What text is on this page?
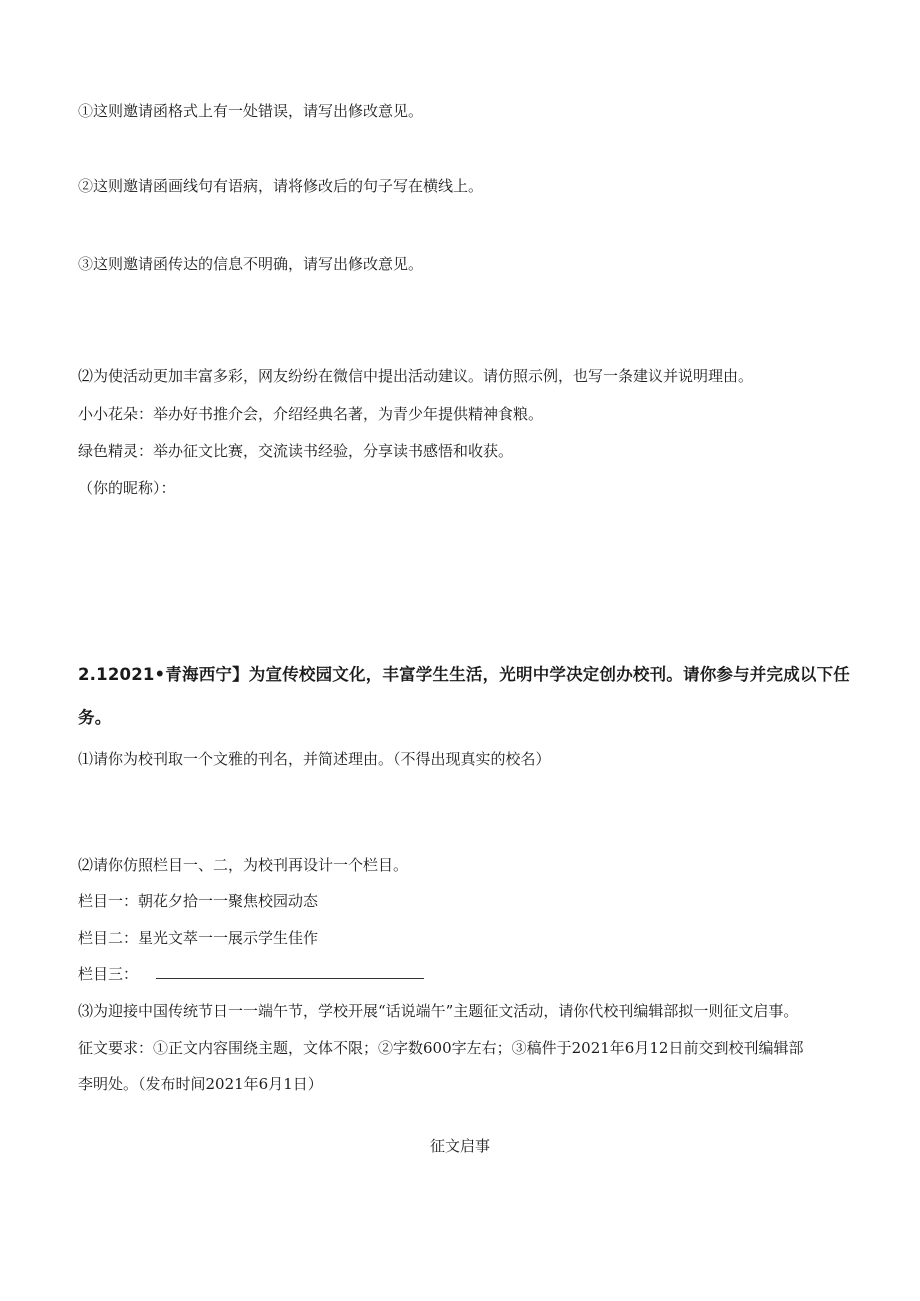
①这则邀请函格式上有一处错误，请写出修改意见。
②这则邀请函画线句有语病，请将修改后的句子写在横线上。
③这则邀请函传达的信息不明确，请写出修改意见。
⑵为使活动更加丰富多彩，网友纷纷在微信中提出活动建议。请仿照示例，也写一条建议并说明理由。
小小花朵：举办好书推介会，介绍经典名著，为青少年提供精神食粮。
绿色精灵：举办征文比赛，交流读书经验，分享读书感悟和收获。
（你的昵称）：
2.12021•青海西宁】为宣传校园文化，丰富学生生活，光明中学决定创办校刊。请你参与并完成以下任
务。
⑴请你为校刊取一个文雅的刊名，并简述理由。（不得出现真实的校名）
⑵请你仿照栏目一、二，为校刊再设计一个栏目。
栏目一：朝花夕拾一一聚焦校园动态
栏目二：星光文萃一一展示学生佳作
栏目三：
⑶为迎接中国传统节日一一端午节，学校开展“话说端午”主题征文活动，请你代校刊编辑部拟一则征文启事。
征文要求：①正文内容围绕主题，文体不限；②字数600字左右；③稿件于2021年6月12日前交到校刊编辑部
李明处。（发布时间2021年6月1日）
征文启事
